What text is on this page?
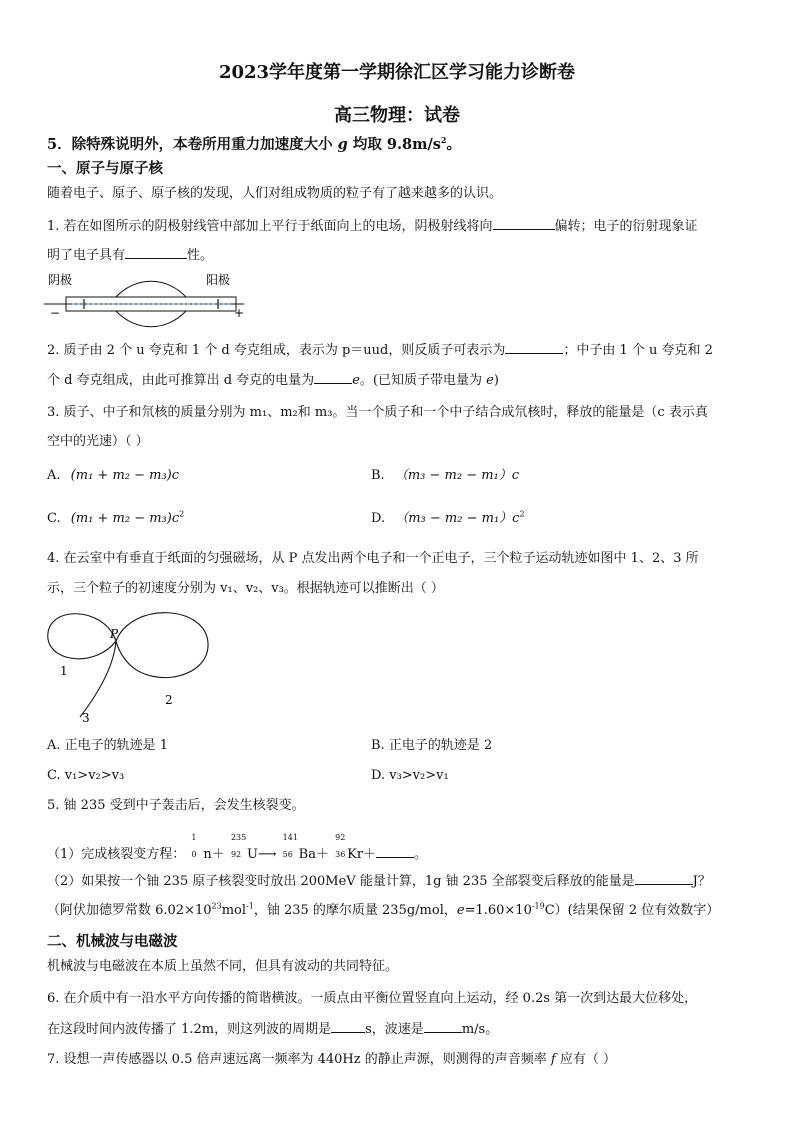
2023学年度第一学期徐汇区学习能力诊断卷
高三物理：试卷
5．除特殊说明外，本卷所用重力加速度大小 g 均取 $9.8m/s^2$。
一、原子与原子核
随着电子、原子、原子核的发现，人们对组成物质的粒子有了越来越多的认识。
1. 若在如图所示的阴极射线管中部加上平行于纸面向上的电场，阴极射线将向	偏转；电子的衍射现象证
明了电子具有	性。
阴极	阳极
−	+
2. 质子由 2 个 u 夸克和 1 个 d 夸克组成，表示为 p＝uud，则反质子可表示为	；中子由 1 个 u 夸克和 2
个 d 夸克组成，由此可推算出 d 夸克的电量为	e。(已知质子带电量为 e)
3. 质子、中子和氘核的质量分别为 m₁、m₂和 m₃。当一个质子和一个中子结合成氘核时，释放的能量是（c 表示真
空中的光速）（ ）
A. (m₁ + m₂ − m₃)c	B. （m₃ − m₂ − m₁）c
C. $(m_1 + m_2 - m_3)c^2$	D. $(m_3 - m_2 - m_1)c^2$
4. 在云室中有垂直于纸面的匀强磁场，从 P 点发出两个电子和一个正电子，三个粒子运动轨迹如图中 1、2、3 所
示，三个粒子的初速度分别为 v₁、v₂、v₃。根据轨迹可以推断出（ ）
P
1
2
3
A. 正电子的轨迹是 1	B. 正电子的轨迹是 2
C. v₁>v₂>v₃	D. v₃>v₂>v₁
5. 铀 235 受到中子轰击后，会发生核裂变。
（1）完成核裂变方程：
1
0 n＋
235
92 U⟶
141
56 Ba＋
92
36 Kr＋	。
（2）如果按一个铀 235 原子核裂变时放出 200MeV 能量计算，1g 铀 235 全部裂变后释放的能量是	J？
（阿伏加德罗常数 $6.02\times 10^{23}mol^{-1}$，铀 235 的摩尔质量 235g/mol，$e=1.60\times 10^{-19}C$）(结果保留 2 位有效数字）
二、机械波与电磁波
机械波与电磁波在本质上虽然不同，但具有波动的共同特征。
6. 在介质中有一沿水平方向传播的简谐横波。一质点由平衡位置竖直向上运动，经 0.2s 第一次到达最大位移处，
在这段时间内波传播了 1.2m，则这列波的周期是	s，波速是	m/s。
7. 设想一声传感器以 0.5 倍声速远离一频率为 440Hz 的静止声源，则测得的声音频率 f 应有（ ）
